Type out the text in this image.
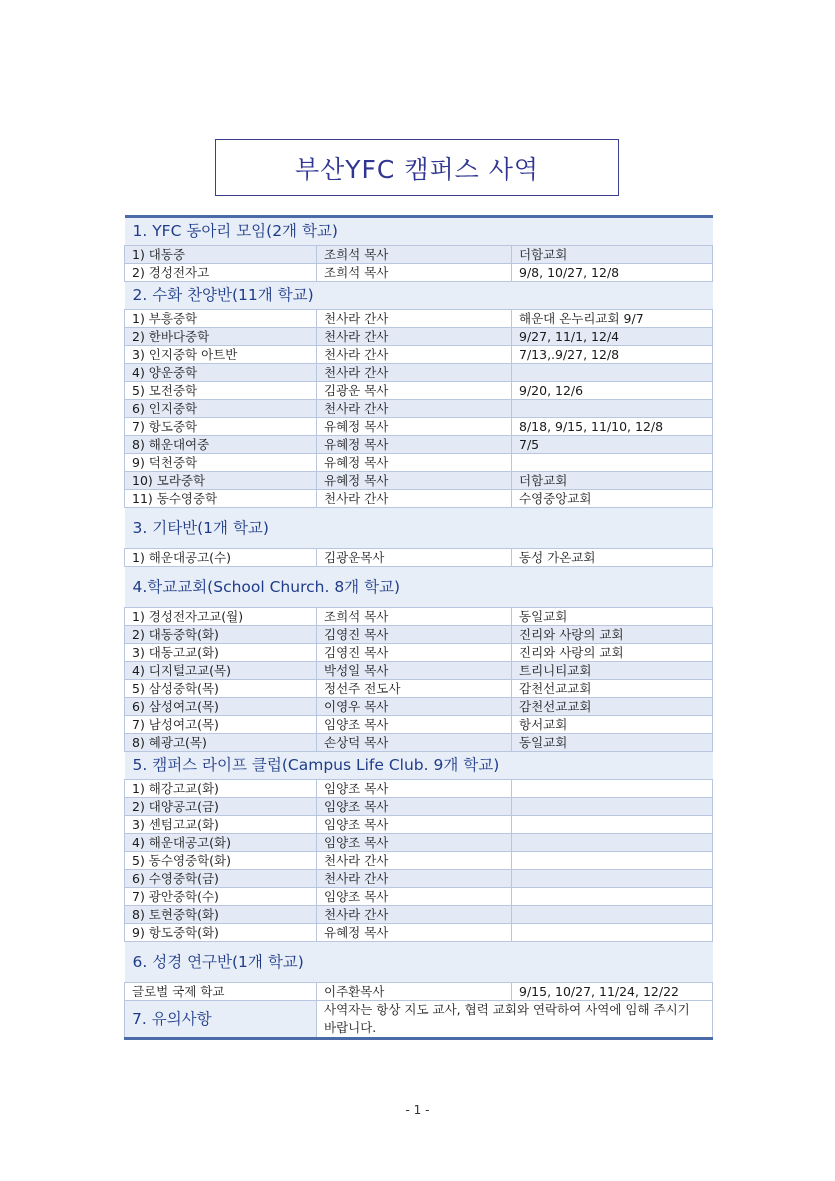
부산YFC 캠퍼스 사역
1. YFC 동아리 모임(2개 학교)		
1) 대동중	조희석 목사	더함교회
2) 경성전자고	조희석 목사	9/8, 10/27, 12/8
2. 수화 찬양반(11개 학교)		
1) 부흥중학	천사라 간사	해운대 온누리교회 9/7
2) 한바다중학	천사라 간사	9/27, 11/1, 12/4
3) 인지중학 아트반	천사라 간사	7/13,.9/27, 12/8
4) 양운중학	천사라 간사	
5) 모전중학	김광운 목사	9/20, 12/6
6) 인지중학	천사라 간사	
7) 항도중학	유혜정 목사	8/18, 9/15, 11/10, 12/8
8) 해운대여중	유혜정 목사	7/5
9) 덕천중학	유혜정 목사	
10) 모라중학	유혜정 목사	더함교회
11) 동수영중학	천사라 간사	수영중앙교회
3. 기타반(1개 학교)		
1) 해운대공고(수)	김광운목사	동성 가온교회
4.학교교회(School Church. 8개 학교)		
1) 경성전자고교(월)	조희석 목사	동일교회
2) 대동중학(화)	김영진 목사	진리와 사랑의 교회
3) 대동고교(화)	김영진 목사	진리와 사랑의 교회
4) 디지털고교(목)	박성일 목사	트리니티교회
5) 삼성중학(목)	정선주 전도사	감천선교교회
6) 삼성여고(목)	이영우 목사	감천선교교회
7) 남성여고(목)	임양조 목사	항서교회
8) 혜광고(목)	손상덕 목사	동일교회
5. 캠퍼스 라이프 클럽(Campus Life Club. 9개 학교)		
1) 해강고교(화)	임양조 목사	
2) 대양공고(금)	임양조 목사	
3) 센텀고교(화)	임양조 목사	
4) 해운대공고(화)	임양조 목사	
5) 동수영중학(화)	천사라 간사	
6) 수영중학(금)	천사라 간사	
7) 광안중학(수)	임양조 목사	
8) 토현중학(화)	천사라 간사	
9) 항도중학(화)	유혜정 목사	
6. 성경 연구반(1개 학교)		
글로벌 국제 학교	이주환목사	9/15, 10/27, 11/24, 12/22
7. 유의사항	사역자는 항상 지도 교사, 협력 교회와 연락하여 사역에 임해 주시기 바랍니다.	
- 1 -
